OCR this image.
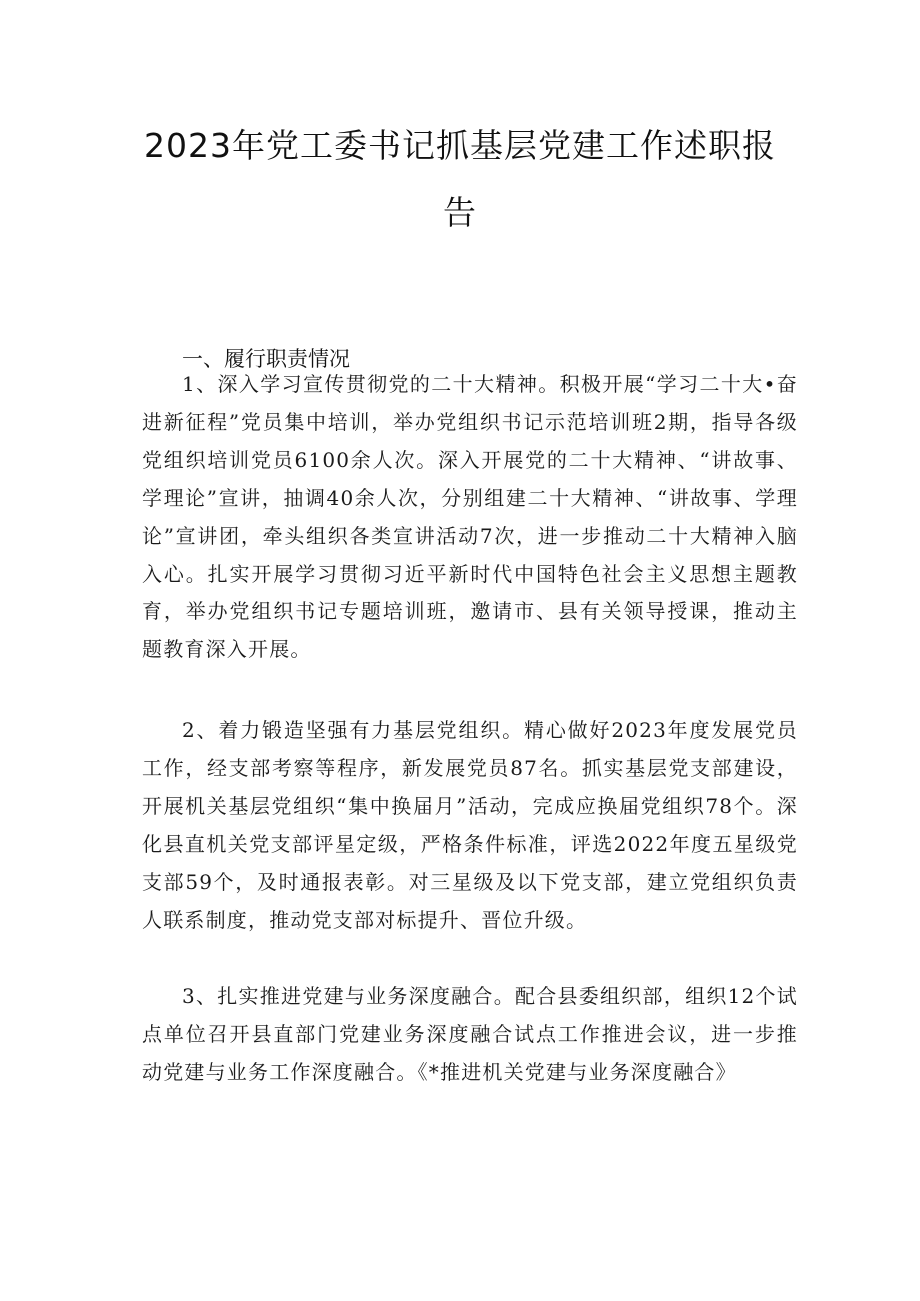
2023年党工委书记抓基层党建工作述职报
告
一、履行职责情况

1、深入学习宣传贯彻党的二十大精神。积极开展“学习二十大•奋进新征程”党员集中培训，举办党组织书记示范培训班2期，指导各级党组织培训党员6100余人次。深入开展党的二十大精神、“讲故事、学理论”宣讲，抽调40余人次，分别组建二十大精神、“讲故事、学理论”宣讲团，牵头组织各类宣讲活动7次，进一步推动二十大精神入脑入心。扎实开展学习贯彻习近平新时代中国特色社会主义思想主题教育，举办党组织书记专题培训班，邀请市、县有关领导授课，推动主题教育深入开展。

2、着力锻造坚强有力基层党组织。精心做好2023年度发展党员工作，经支部考察等程序，新发展党员87名。抓实基层党支部建设，开展机关基层党组织“集中换届月”活动，完成应换届党组织78个。深化县直机关党支部评星定级，严格条件标准，评选2022年度五星级党支部59个，及时通报表彰。对三星级及以下党支部，建立党组织负责人联系制度，推动党支部对标提升、晋位升级。

3、扎实推进党建与业务深度融合。配合县委组织部，组织12个试点单位召开县直部门党建业务深度融合试点工作推进会议，进一步推动党建与业务工作深度融合。《*推进机关党建与业务深度融合》
